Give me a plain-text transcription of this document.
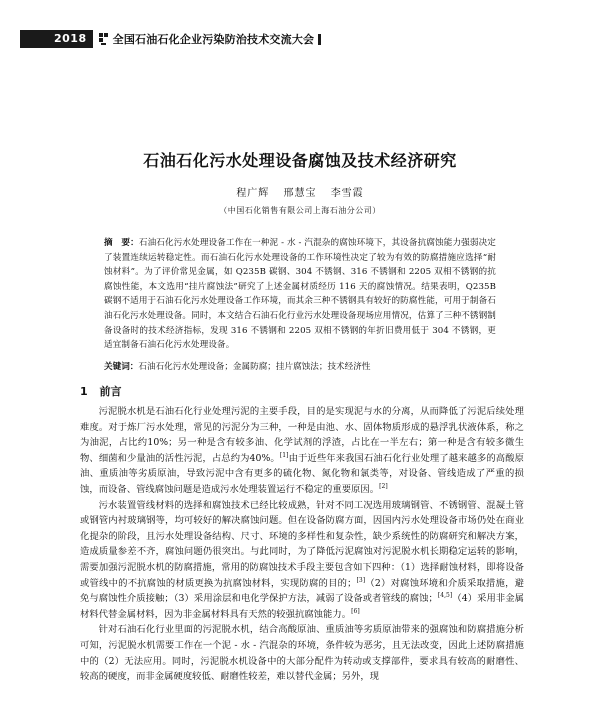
2018	全国石油石化企业污染防治技术交流大会
石油石化污水处理设备腐蚀及技术经济研究
程广辉 邢慧宝 李雪霞
（中国石化销售有限公司上海石油分公司）
摘　要：石油石化污水处理设备工作在一种泥 - 水 - 汽混杂的腐蚀环境下，其设备抗腐蚀能力强弱决定了装置连续运转稳定性。而石油石化污水处理设备的工作环境性决定了较为有效的防腐措施应选择“耐蚀材料”。为了评价常见金属，如 Q235B 碳钢、304 不锈钢、316 不锈钢和 2205 双相不锈钢的抗腐蚀性能，本文选用“挂片腐蚀法”研究了上述金属材质经历 116 天的腐蚀情况。结果表明，Q235B 碳钢不适用于石油石化污水处理设备工作环境，而其余三种不锈钢具有较好的防腐性能，可用于制备石油石化污水处理设备。同时，本文结合石油石化行业污水处理设备现场应用情况，估算了三种不锈钢制备设备时的技术经济指标，发现 316 不锈钢和 2205 双相不锈钢的年折旧费用低于 304 不锈钢，更适宜制备石油石化污水处理设备。
关键词：石油石化污水处理设备；金属防腐；挂片腐蚀法；技术经济性
1 前言

污泥脱水机是石油石化行业处理污泥的主要手段，目的是实现泥与水的分离，从而降低了污泥后续处理难度。对于炼厂污水处理，常见的污泥分为三种，一种是由池、水、固体物质形成的悬浮乳状液体系，称之为油泥，占比约10%；另一种是含有较多油、化学试剂的浮渣，占比在一半左右；第一种是含有较多微生物、细菌和少量油的活性污泥，占总约为40%。[1]由于近些年来我国石油石化行业处理了越来越多的高酸原油、重质油等劣质原油，导致污泥中含有更多的硫化物、氮化物和氯类等，对设备、管线造成了严重的损蚀，而设备、管线腐蚀问题是造成污水处理装置运行不稳定的重要原因。[2]

污水装置管线材料的选择和腐蚀技术已经比较成熟，针对不同工况选用玻璃钢管、不锈钢管、混凝土管或钢管内衬玻璃钢等，均可较好的解决腐蚀问题。但在设备防腐方面，因国内污水处理设备市场仍处在商业化提杂的阶段，且污水处理设备结构、尺寸、环境的多样性和复杂性，缺少系统性的防腐研究和解决方案，造成质量参差不齐，腐蚀问题仍很突出。与此同时，为了降低污泥腐蚀对污泥脱水机长期稳定运转的影响，需要加强污泥脱水机的防腐措施，常用的防腐蚀技术手段主要包含如下四种：（1）选择耐蚀材料，即将设备或管线中的不抗腐蚀的材质更换为抗腐蚀材料，实现防腐的目的；[3]（2）对腐蚀环境和介质采取措施，避免与腐蚀性介质接触；（3）采用涂层和电化学保护方法，减弱了设备或者管线的腐蚀；[4,5]（4）采用非金属材料代替金属材料，因为非金属材料具有天然的较强抗腐蚀能力。[6]

针对石油石化行业里面的污泥脱水机，结合高酸原油、重质油等劣质原油带来的强腐蚀和防腐措施分析可知，污泥脱水机需要工作在一个泥 - 水 - 汽混杂的环境，条件较为恶劣，且无法改变，因此上述防腐措施中的（2）无法应用。同时，污泥脱水机设备中的大部分配件为转动或支撑部件，要求具有较高的耐磨性、较高的硬度，而非金属硬度较低、耐磨性较差，难以替代金属；另外，现
